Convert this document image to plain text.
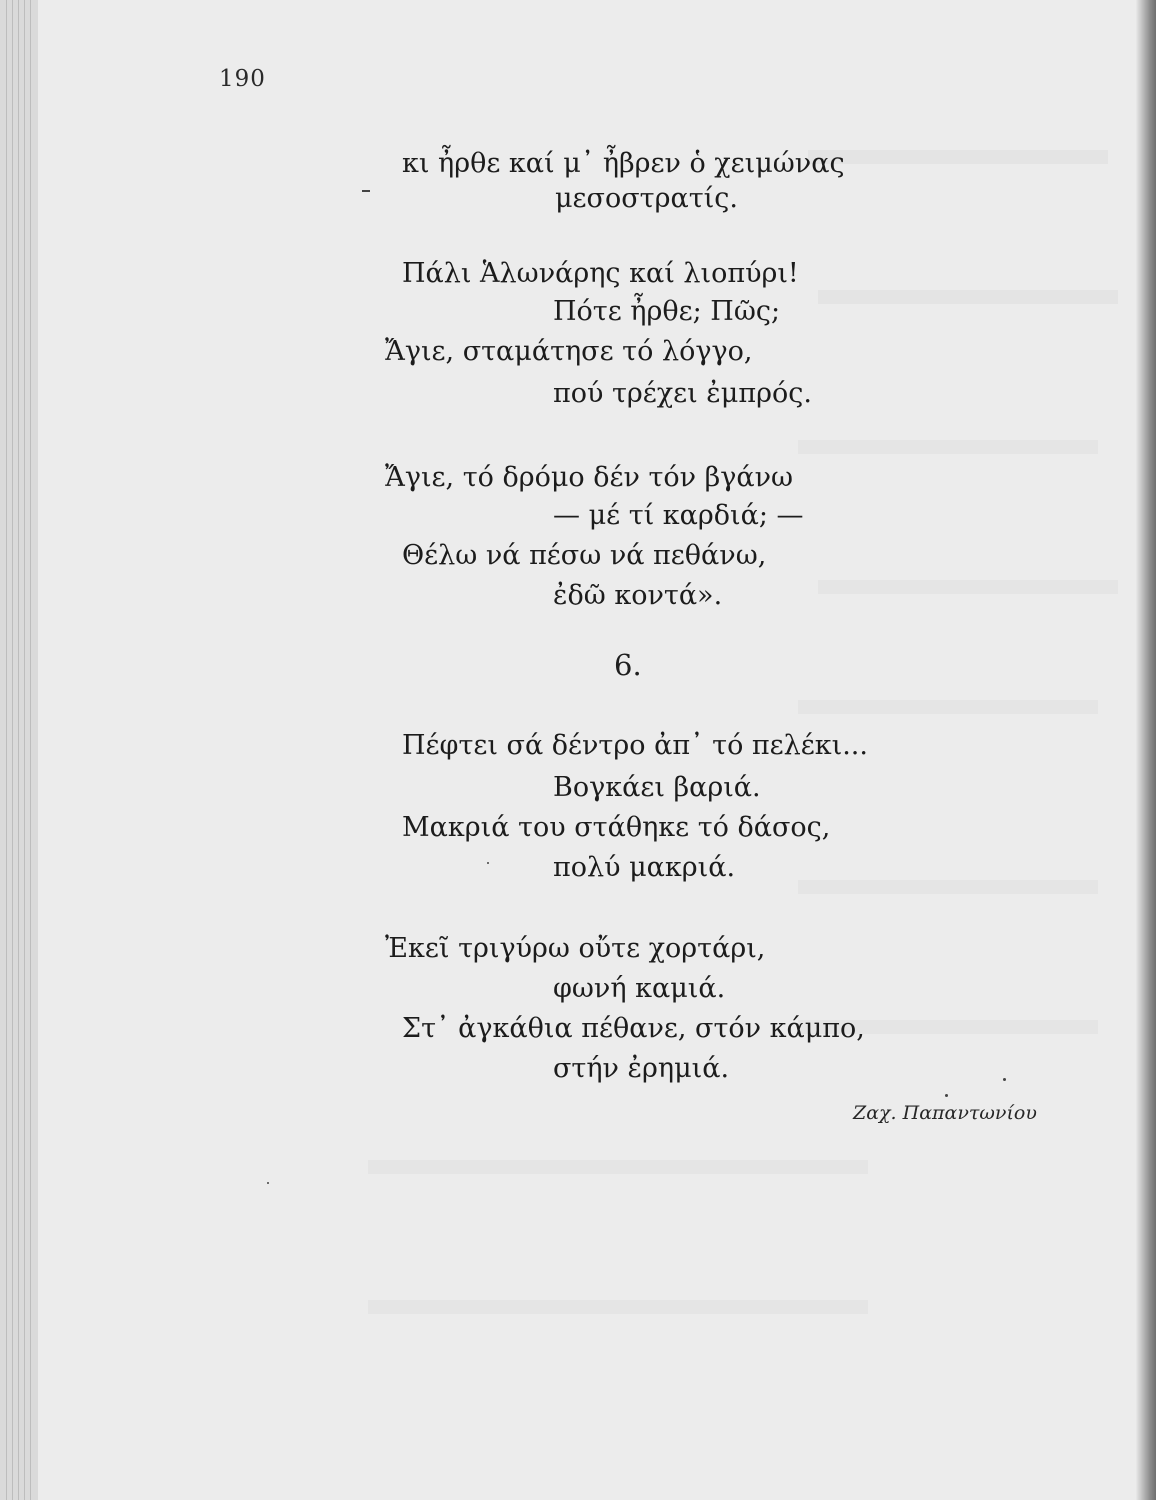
190
κι ἦρθε καί μ᾽ ἦβρεν ὁ χειμώνας
μεσοστρατίς.
Πάλι Ἁλωνάρης καί λιοπύρι!
Πότε ἦρθε; Πῶς;
Ἄγιε, σταμάτησε τό λόγγο,
πού τρέχει ἐμπρός.
Ἄγιε, τό δρόμο δέν τόν βγάνω
— μέ τί καρδιά; —
Θέλω νά πέσω νά πεθάνω,
ἐδῶ κοντά».
6.
Πέφτει σά δέντρο ἀπ᾽ τό πελέκι...
Βογκάει βαριά.
Μακριά του στάθηκε τό δάσος,
πολύ μακριά.
Ἐκεῖ τριγύρω οὔτε χορτάρι,
φωνή καμιά.
Στ᾽ ἀγκάθια πέθανε, στόν κάμπο,
στήν ἐρημιά.
Ζαχ. Παπαντωνίου
